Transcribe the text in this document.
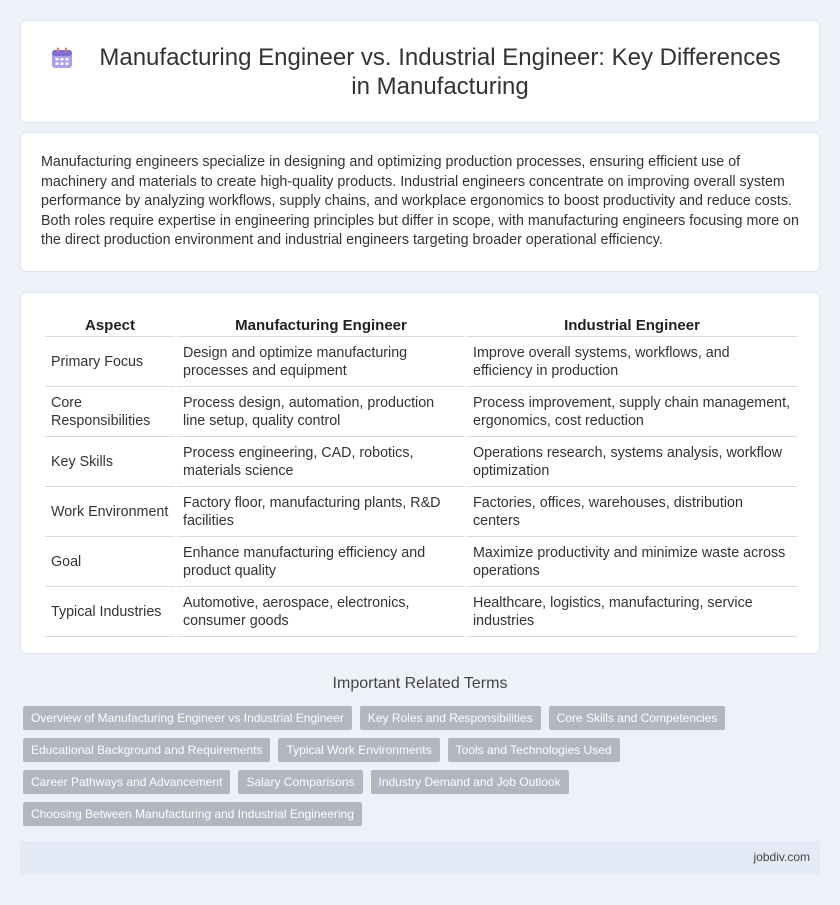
Manufacturing Engineer vs. Industrial Engineer: Key Differences in Manufacturing

Manufacturing engineers specialize in designing and optimizing production processes, ensuring efficient use of machinery and materials to create high-quality products. Industrial engineers concentrate on improving overall system performance by analyzing workflows, supply chains, and workplace ergonomics to boost productivity and reduce costs. Both roles require expertise in engineering principles but differ in scope, with manufacturing engineers focusing more on the direct production environment and industrial engineers targeting broader operational efficiency.

Aspect	Manufacturing Engineer	Industrial Engineer
Primary Focus	Design and optimize manufacturing processes and equipment	Improve overall systems, workflows, and efficiency in production
Core Responsibilities	Process design, automation, production line setup, quality control	Process improvement, supply chain management, ergonomics, cost reduction
Key Skills	Process engineering, CAD, robotics, materials science	Operations research, systems analysis, workflow optimization
Work Environment	Factory floor, manufacturing plants, R&D facilities	Factories, offices, warehouses, distribution centers
Goal	Enhance manufacturing efficiency and product quality	Maximize productivity and minimize waste across operations
Typical Industries	Automotive, aerospace, electronics, consumer goods	Healthcare, logistics, manufacturing, service industries
Important Related Terms
Overview of Manufacturing Engineer vs Industrial Engineer	Key Roles and Responsibilities	Core Skills and Competencies
Educational Background and Requirements	Typical Work Environments	Tools and Technologies Used
Career Pathways and Advancement	Salary Comparisons	Industry Demand and Job Outlook
Choosing Between Manufacturing and Industrial Engineering
jobdiv.com
